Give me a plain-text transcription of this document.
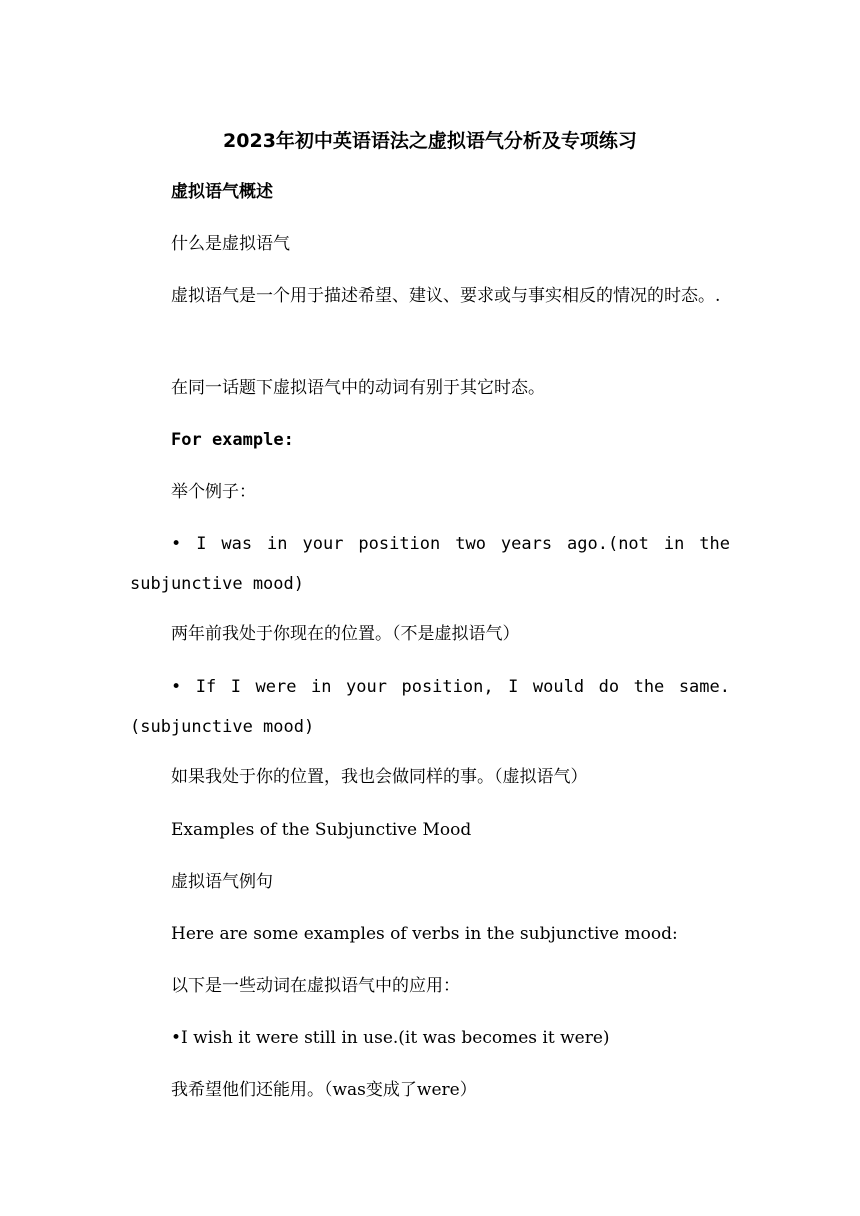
2023年初中英语语法之虚拟语气分析及专项练习
虚拟语气概述
什么是虚拟语气
虚拟语气是一个用于描述希望、建议、要求或与事实相反的情况的时态。.
在同一话题下虚拟语气中的动词有别于其它时态。
For example:
举个例子：
• I was in your position two years ago.(not in the subjunctive mood)
两年前我处于你现在的位置。（不是虚拟语气）
• If I were in your position, I would do the same.(subjunctive mood)
如果我处于你的位置，我也会做同样的事。（虚拟语气）
Examples of the Subjunctive Mood
虚拟语气例句
Here are some examples of verbs in the subjunctive mood:
以下是一些动词在虚拟语气中的应用：
•I wish it were still in use.(it was becomes it were)
我希望他们还能用。（was变成了were）
